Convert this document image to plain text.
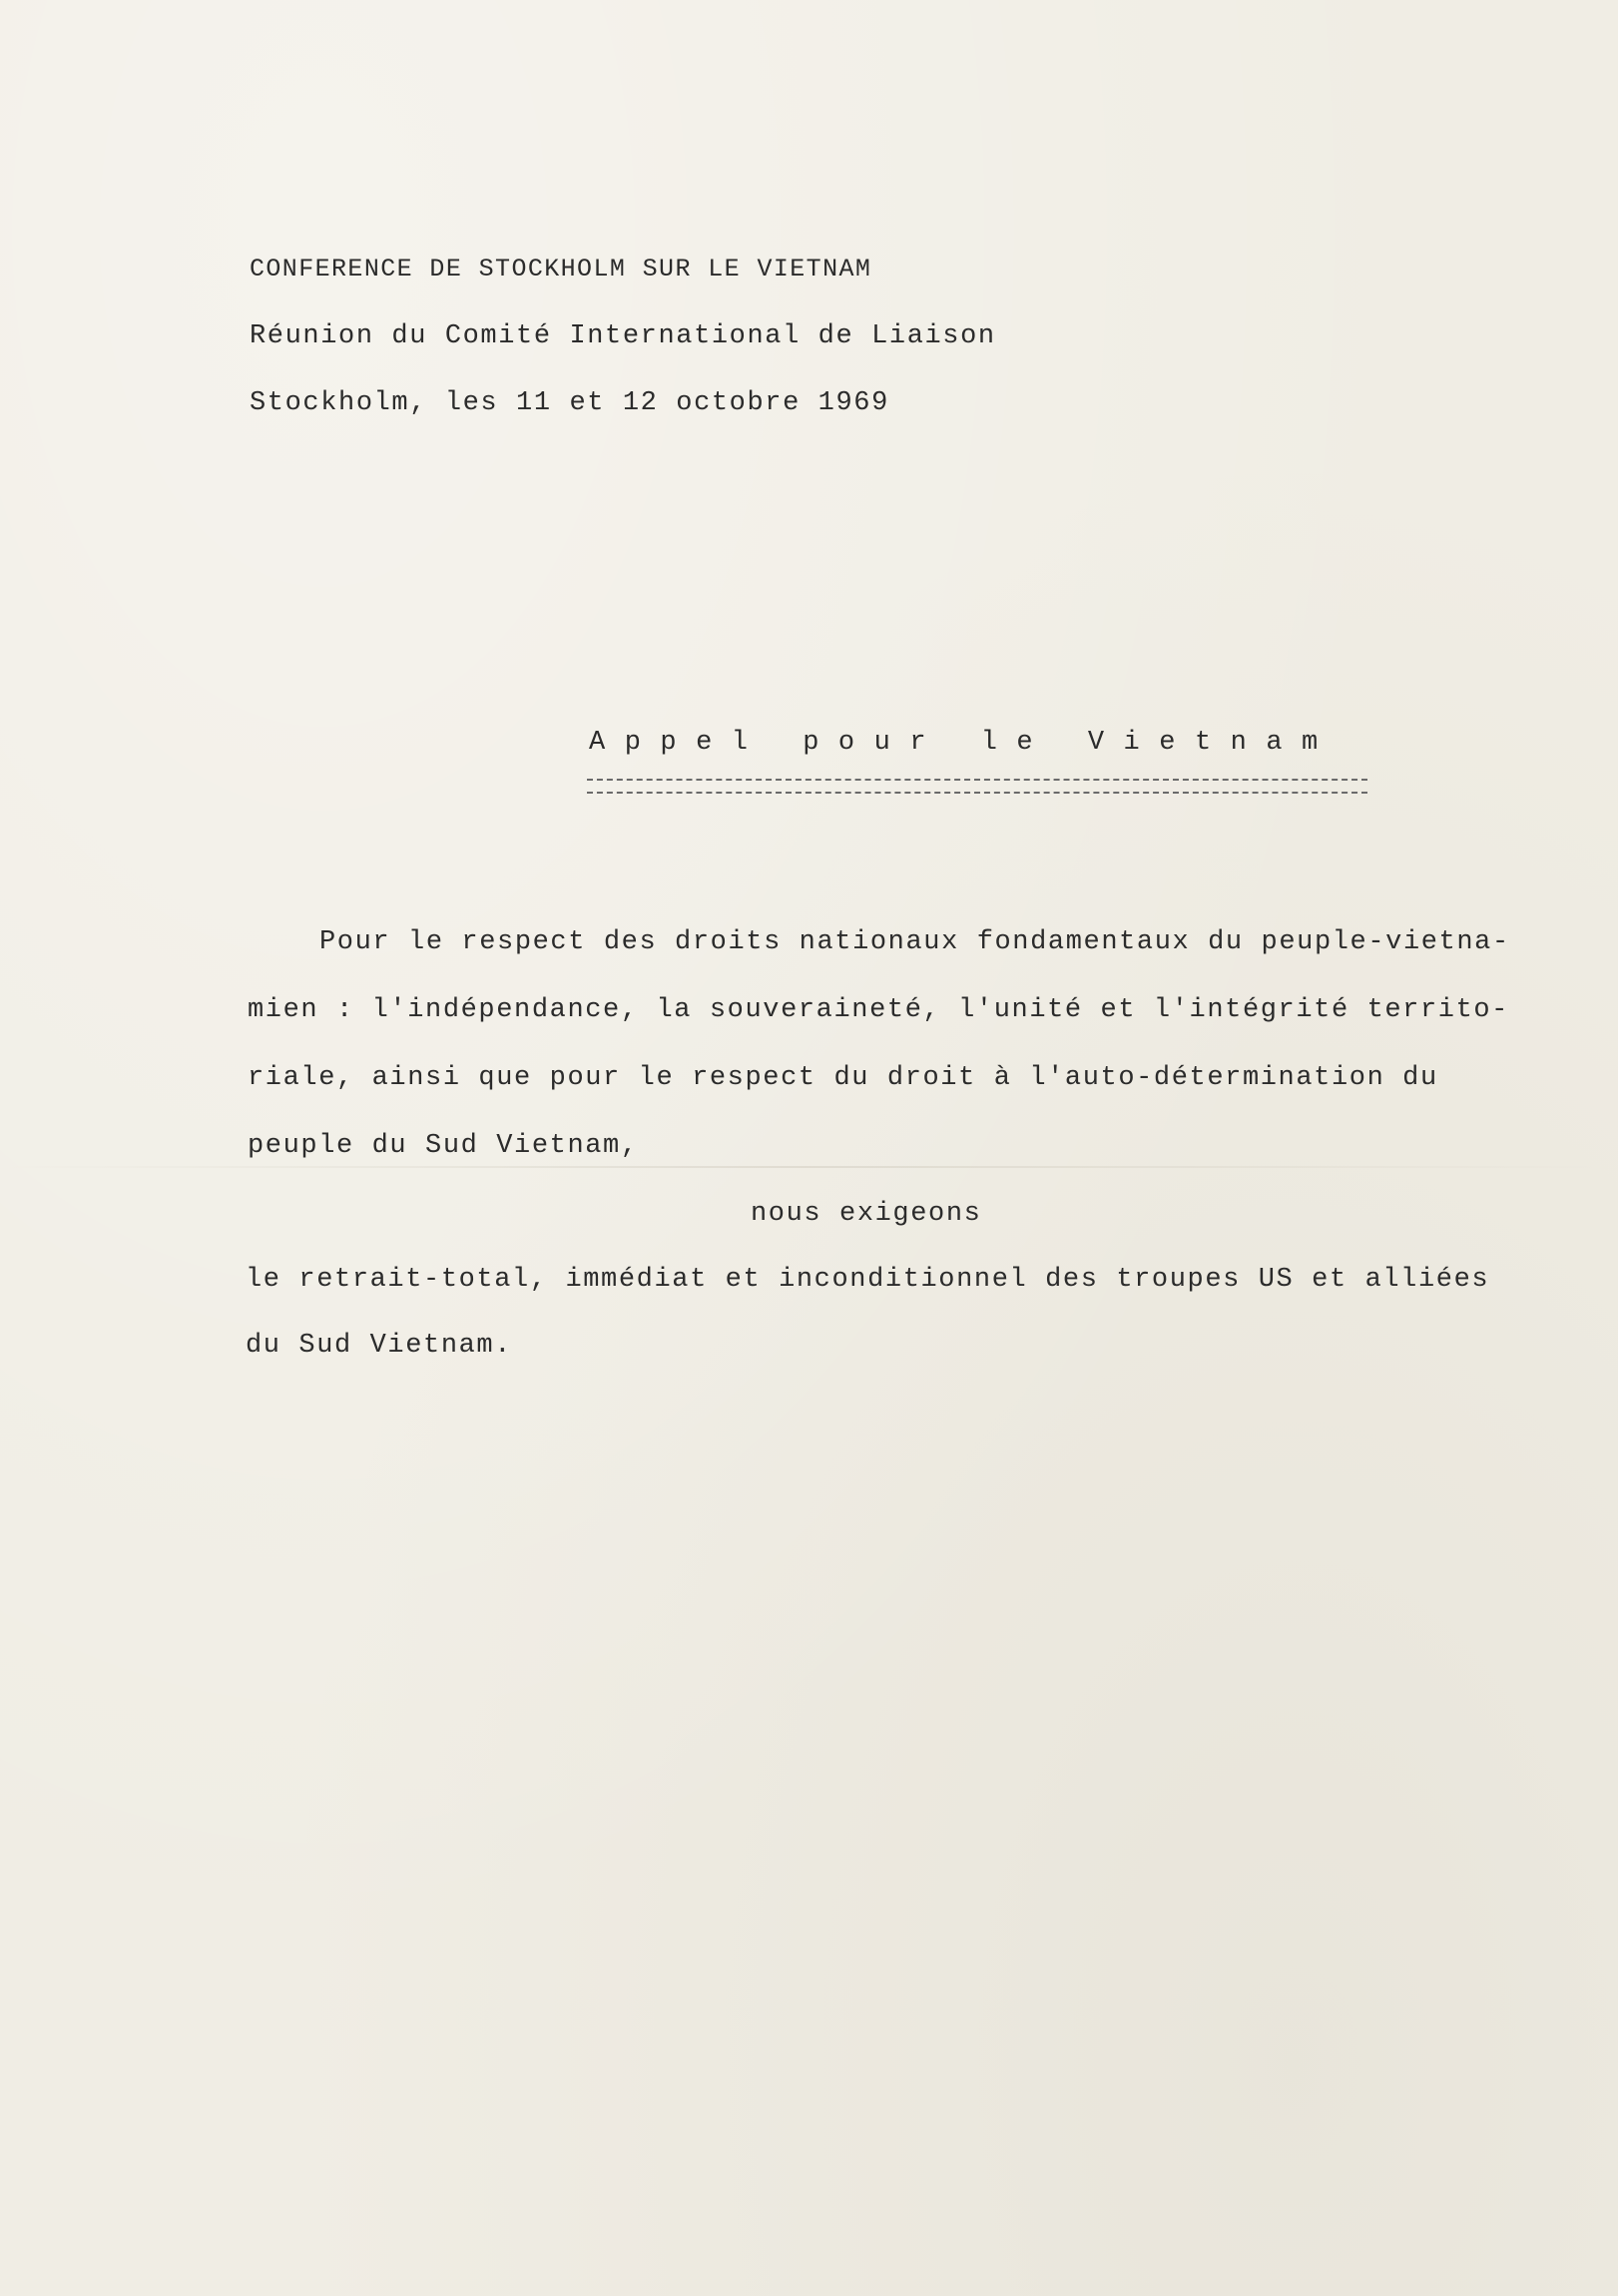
CONFERENCE DE STOCKHOLM SUR LE VIETNAM
Réunion du Comité International de Liaison
Stockholm, les 11 et 12 octobre 1969
Appel pour le Vietnam
Pour le respect des droits nationaux fondamentaux du peuple-vietna-
mien : l'indépendance, la souveraineté, l'unité et l'intégrité territo-
riale, ainsi que pour le respect du droit à l'auto-détermination du
peuple du Sud Vietnam,
nous exigeons
le retrait-total, immédiat et inconditionnel des troupes US et alliées
du Sud Vietnam.
